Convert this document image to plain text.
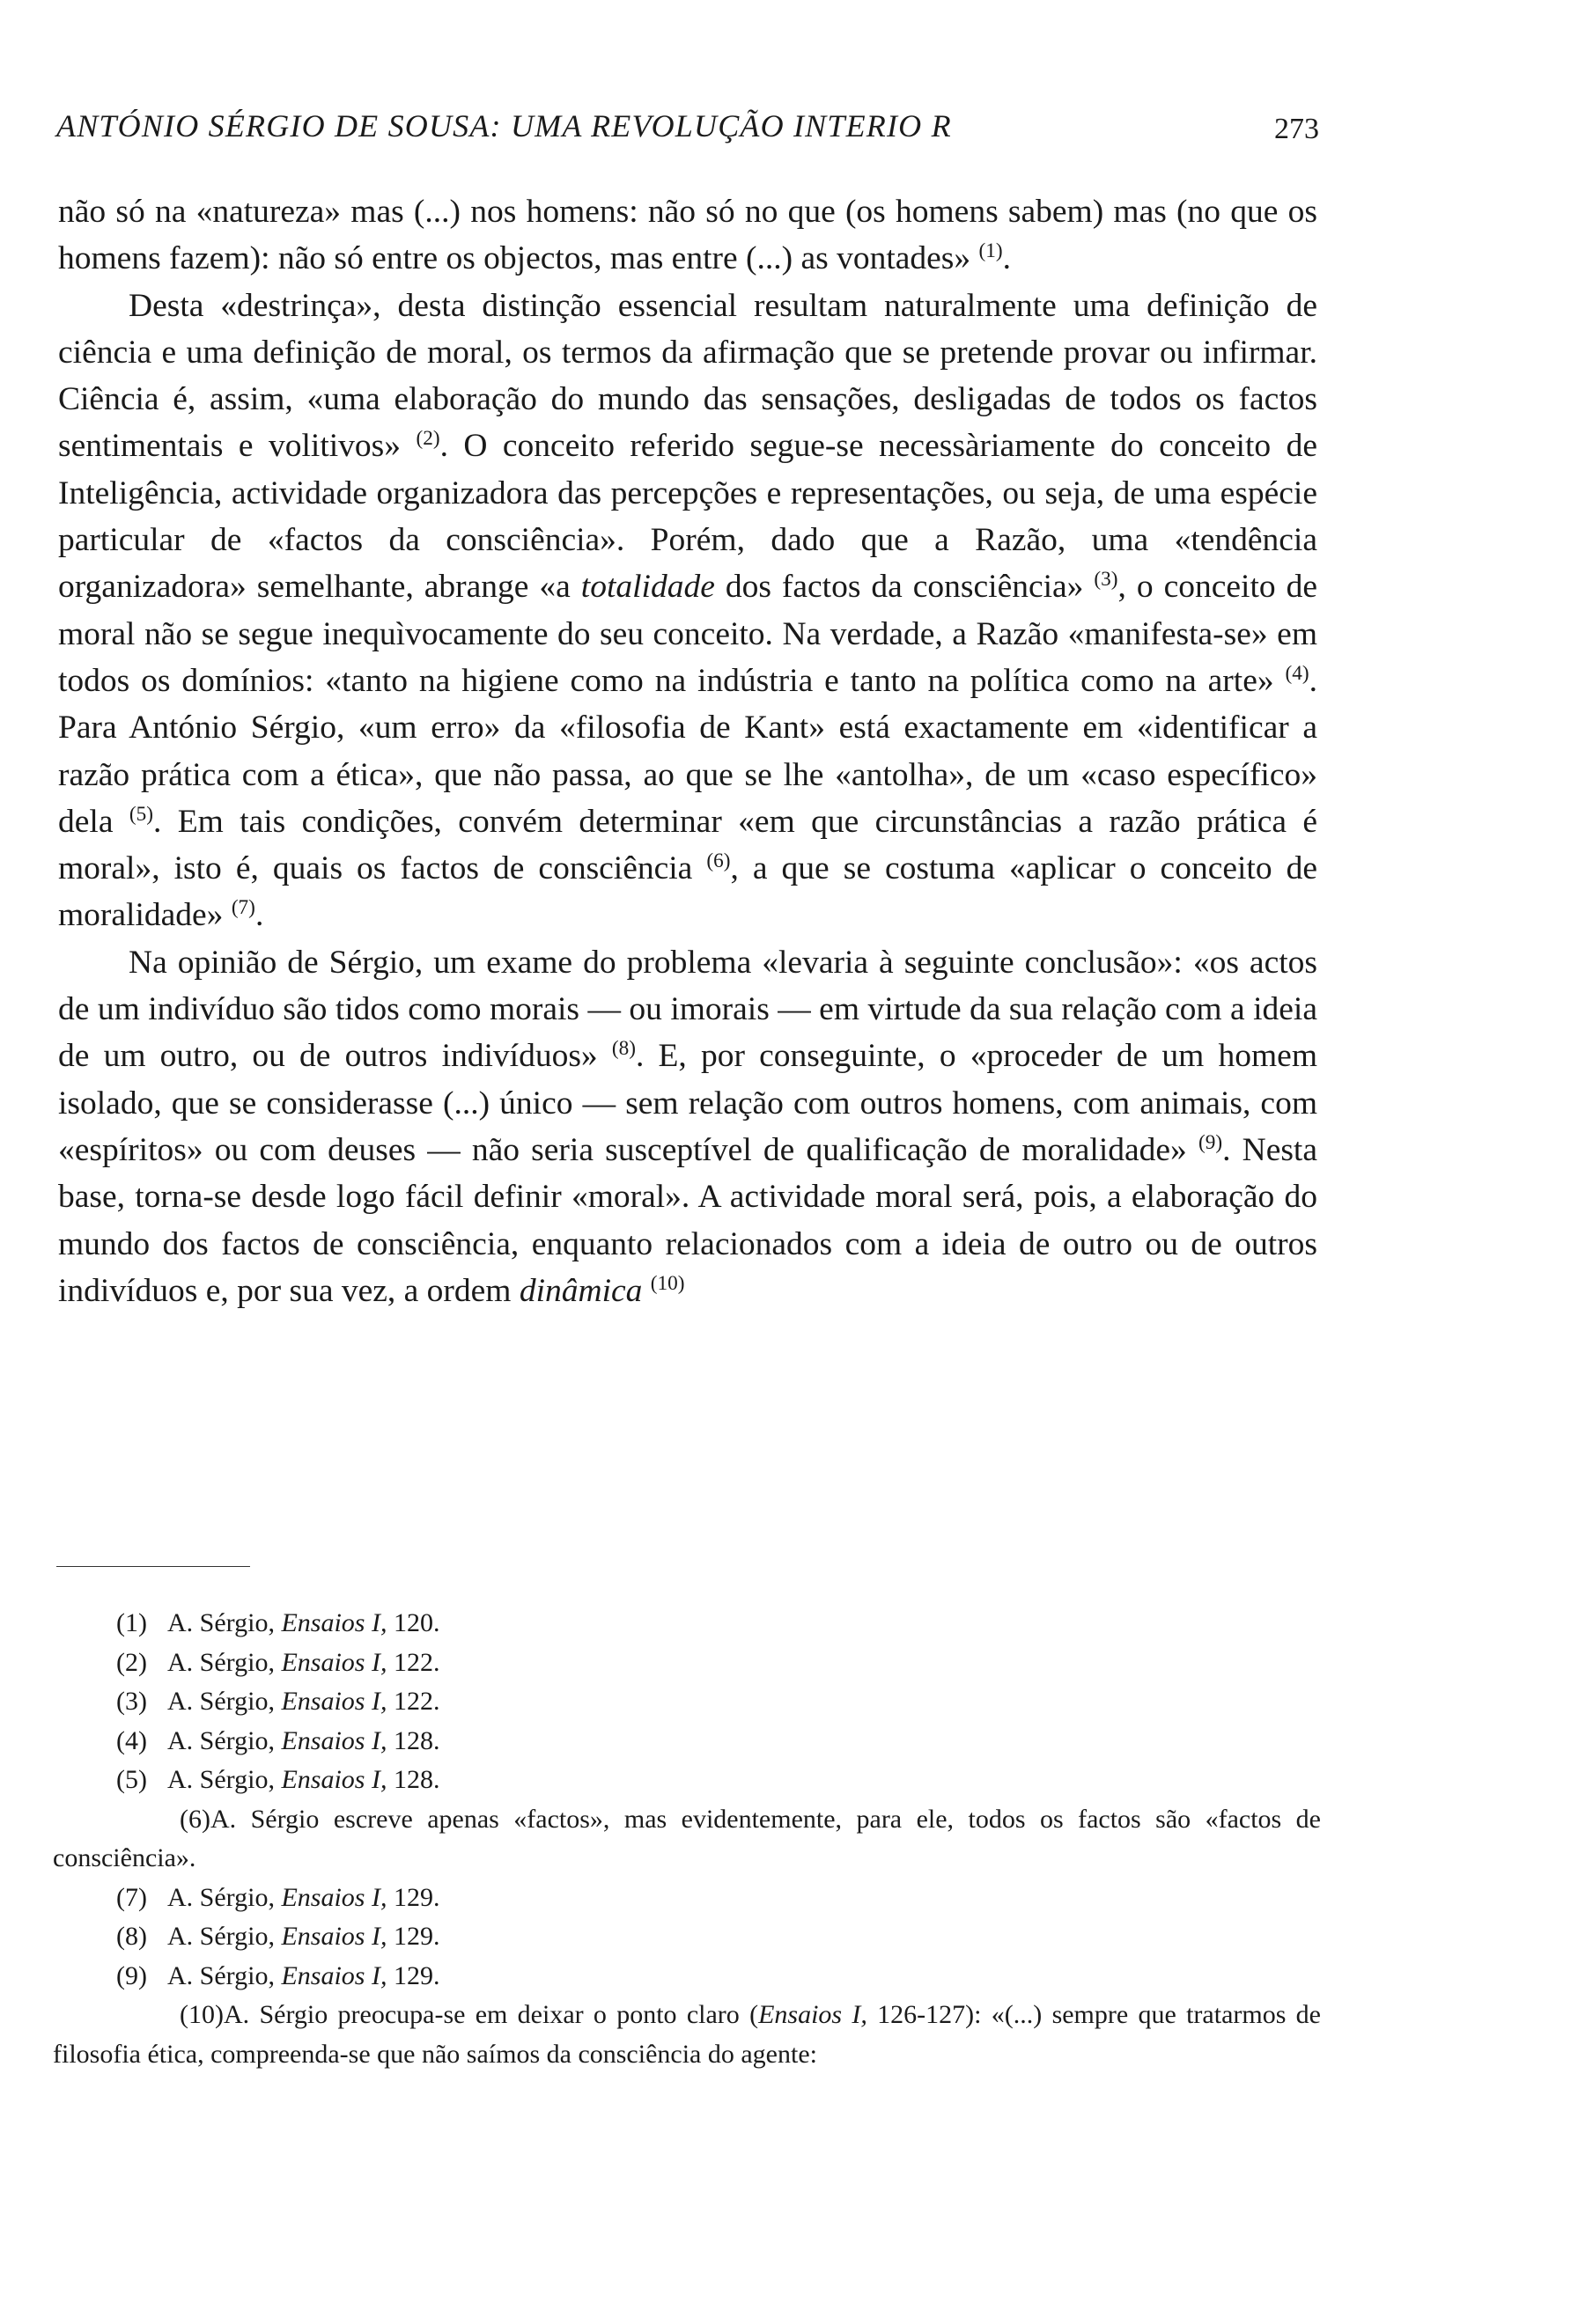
ANTÓNIO SÉRGIO DE SOUSA: UMA REVOLUÇÃO INTERIO R	273

não só na «natureza» mas (...) nos homens: não só no que (os homens sabem) mas (no que os homens fazem): não só entre os objectos, mas entre (...) as vontades» $^{(1)}$.

Desta «destrinça», desta distinção essencial resultam naturalmente uma definição de ciência e uma definição de moral, os termos da afirmação que se pretende provar ou infirmar. Ciência é, assim, «uma elaboração do mundo das sensações, desligadas de todos os factos sentimentais e volitivos» $^{(2)}$. O conceito referido segue-se necessàriamente do conceito de Inteligência, actividade organizadora das percepções e representações, ou seja, de uma espécie particular de «factos da consciência». Porém, dado que a Razão, uma «tendência organizadora» semelhante, abrange «a totalidade dos factos da consciência» $^{(3)}$, o conceito de moral não se segue inequìvocamente do seu conceito. Na verdade, a Razão «manifesta-se» em todos os domínios: «tanto na higiene como na indústria e tanto na política como na arte» $^{(4)}$. Para António Sérgio, «um erro» da «filosofia de Kant» está exactamente em «identificar a razão prática com a ética», que não passa, ao que se lhe «antolha», de um «caso específico» dela $^{(5)}$. Em tais condições, convém determinar «em que circunstâncias a razão prática é moral», isto é, quais os factos de consciência $^{(6)}$, a que se costuma «aplicar o conceito de moralidade» $^{(7)}$.

Na opinião de Sérgio, um exame do problema «levaria à seguinte conclusão»: «os actos de um indivíduo são tidos como morais — ou imorais — em virtude da sua relação com a ideia de um outro, ou de outros indivíduos» $^{(8)}$. E, por conseguinte, o «proceder de um homem isolado, que se considerasse (...) único — sem relação com outros homens, com animais, com «espíritos» ou com deuses — não seria susceptível de qualificação de moralidade» $^{(9)}$. Nesta base, torna-se desde logo fácil definir «moral». A actividade moral será, pois, a elaboração do mundo dos factos de consciência, enquanto relacionados com a ideia de outro ou de outros indivíduos e, por sua vez, a ordem dinâmica $^{(10)}$

(1) A. Sérgio, Ensaios I, 120.

(2) A. Sérgio, Ensaios I, 122.

(3) A. Sérgio, Ensaios I, 122.

(4) A. Sérgio, Ensaios I, 128.

(5) A. Sérgio, Ensaios I, 128.

(6)A. Sérgio escreve apenas «factos», mas evidentemente, para ele, todos os factos são «factos de consciência».

(7) A. Sérgio, Ensaios I, 129.

(8) A. Sérgio, Ensaios I, 129.

(9) A. Sérgio, Ensaios I, 129.

(10)A. Sérgio preocupa-se em deixar o ponto claro (Ensaios I, 126-127): «(...) sempre que tratarmos de filosofia ética, compreenda-se que não saímos da consciência do agente:
